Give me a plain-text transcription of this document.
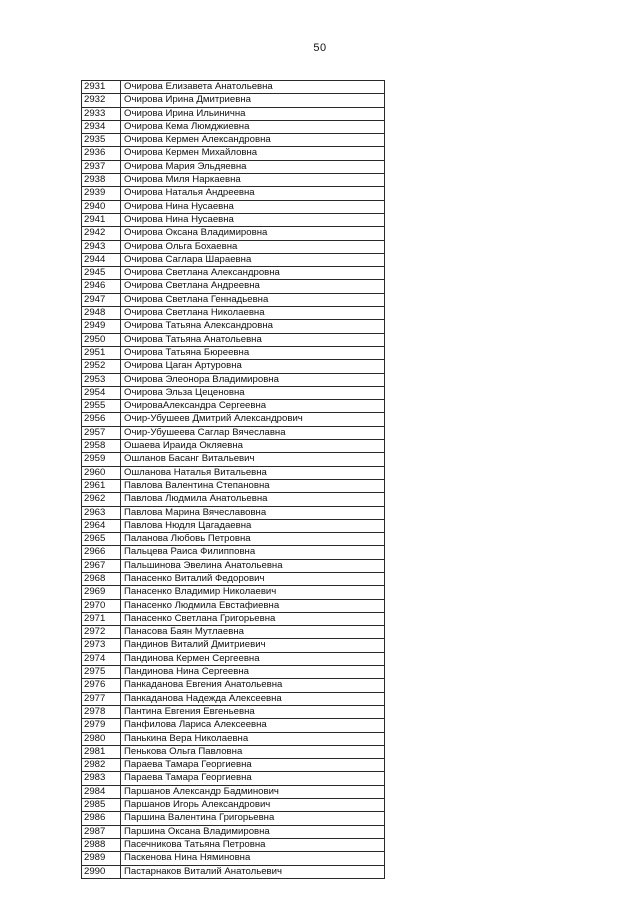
50
2931	Очирова Елизавета Анатольевна
2932	Очирова Ирина Дмитриевна
2933	Очирова Ирина Ильинична
2934	Очирова Кема Люмджиевна
2935	Очирова Кермен Александровна
2936	Очирова Кермен Михайловна
2937	Очирова Мария Эльдяевна
2938	Очирова Миля Наркаевна
2939	Очирова Наталья Андреевна
2940	Очирова Нина Нусаевна
2941	Очирова Нина Нусаевна
2942	Очирова Оксана Владимировна
2943	Очирова Ольга Бохаевна
2944	Очирова Саглара Шараевна
2945	Очирова Светлана Александровна
2946	Очирова Светлана Андреевна
2947	Очирова Светлана Геннадьевна
2948	Очирова Светлана Николаевна
2949	Очирова Татьяна Александровна
2950	Очирова Татьяна Анатольевна
2951	Очирова Татьяна Бюреевна
2952	Очирова Цаган Артуровна
2953	Очирова Элеонора Владимировна
2954	Очирова Эльза Цеценовна
2955	ОчироваАлександра Сергеевна
2956	Очир-Убушеев Дмитрий Александрович
2957	Очир-Убушеева Саглар Вячеславна
2958	Ошаева Ираида Окляевна
2959	Ошланов Басанг Витальевич
2960	Ошланова Наталья Витальевна
2961	Павлова Валентина Степановна
2962	Павлова Людмила Анатольевна
2963	Павлова Марина Вячеславовна
2964	Павлова Нюдля Цагадаевна
2965	Паланова Любовь Петровна
2966	Пальцева Раиса Филипповна
2967	Пальшинова Эвелина Анатольевна
2968	Панасенко Виталий Федорович
2969	Панасенко Владимир Николаевич
2970	Панасенко Людмила Евстафиевна
2971	Панасенко Светлана Григорьевна
2972	Панасова Баян Мутлаевна
2973	Пандинов Виталий Дмитриевич
2974	Пандинова Кермен Сергеевна
2975	Пандинова Нина Сергеевна
2976	Панкаданова Евгения Анатольевна
2977	Панкаданова Надежда Алексеевна
2978	Пантина Евгения Евгеньевна
2979	Панфилова Лариса Алексеевна
2980	Панькина Вера Николаевна
2981	Пенькова Ольга Павловна
2982	Параева Тамара Георгиевна
2983	Параева Тамара Георгиевна
2984	Паршанов Александр Бадминович
2985	Паршанов Игорь Александрович
2986	Паршина Валентина Григорьевна
2987	Паршина Оксана Владимировна
2988	Пасечникова Татьяна Петровна
2989	Паскенова Нина Няминовна
2990	Пастарнаков Виталий Анатольевич
